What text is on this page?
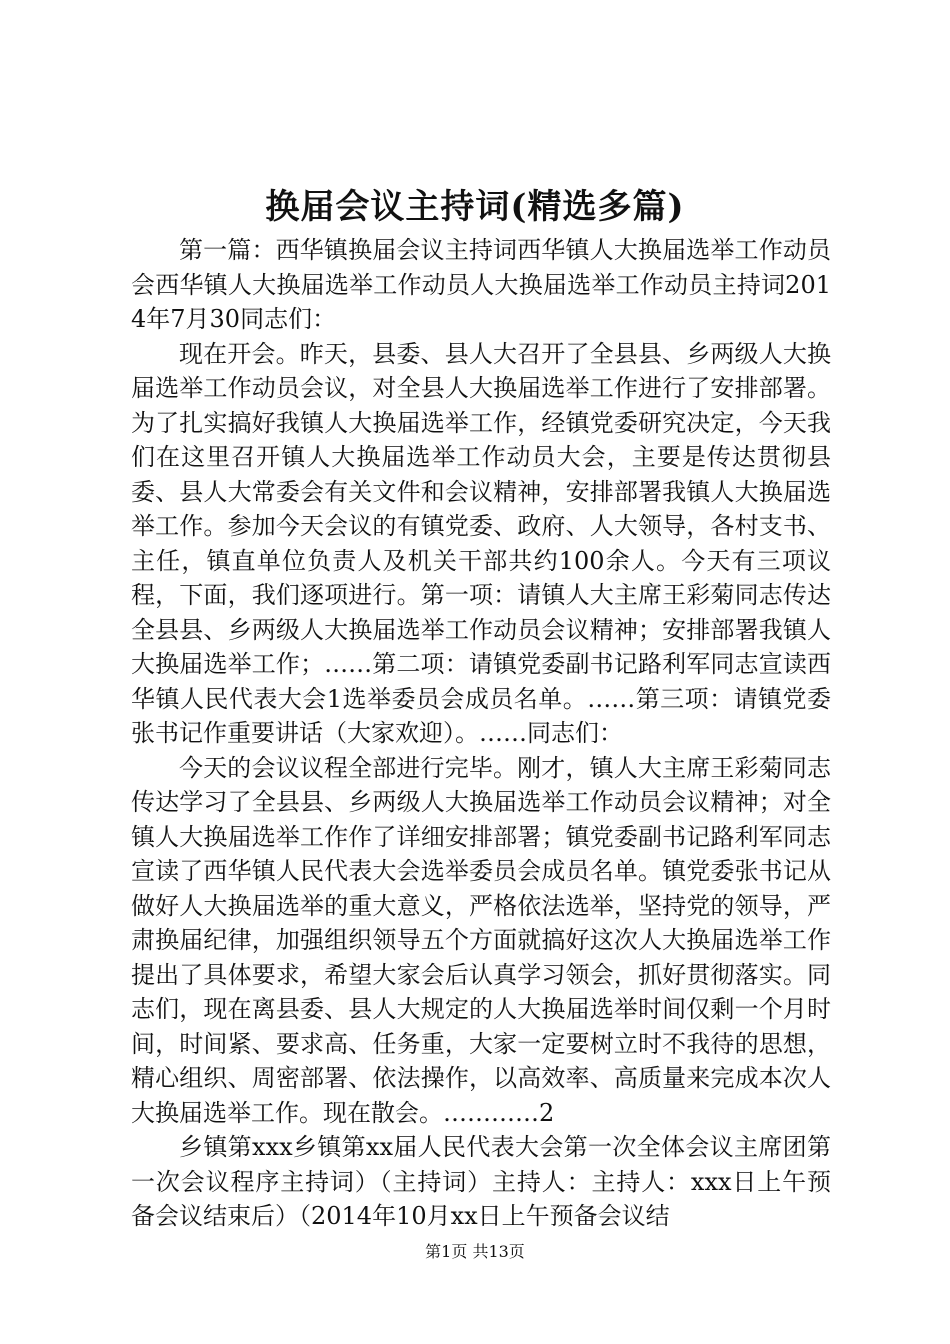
换届会议主持词(精选多篇)

第一篇：西华镇换届会议主持词西华镇人大换届选举工作动员会西华镇人大换届选举工作动员人大换届选举工作动员主持词2014年7月30同志们：

现在开会。昨天，县委、县人大召开了全县县、乡两级人大换届选举工作动员会议，对全县人大换届选举工作进行了安排部署。为了扎实搞好我镇人大换届选举工作，经镇党委研究决定，今天我们在这里召开镇人大换届选举工作动员大会，主要是传达贯彻县委、县人大常委会有关文件和会议精神，安排部署我镇人大换届选举工作。参加今天会议的有镇党委、政府、人大领导，各村支书、主任，镇直单位负责人及机关干部共约100余人。今天有三项议程，下面，我们逐项进行。第一项：请镇人大主席王彩菊同志传达全县县、乡两级人大换届选举工作动员会议精神；安排部署我镇人大换届选举工作；……第二项：请镇党委副书记路利军同志宣读西华镇人民代表大会1选举委员会成员名单。……第三项：请镇党委张书记作重要讲话（大家欢迎）。……同志们：

今天的会议议程全部进行完毕。刚才，镇人大主席王彩菊同志传达学习了全县县、乡两级人大换届选举工作动员会议精神；对全镇人大换届选举工作作了详细安排部署；镇党委副书记路利军同志宣读了西华镇人民代表大会选举委员会成员名单。镇党委张书记从做好人大换届选举的重大意义，严格依法选举，坚持党的领导，严肃换届纪律，加强组织领导五个方面就搞好这次人大换届选举工作提出了具体要求，希望大家会后认真学习领会，抓好贯彻落实。同志们，现在离县委、县人大规定的人大换届选举时间仅剩一个月时间，时间紧、要求高、任务重，大家一定要树立时不我待的思想，精心组织、周密部署、依法操作，以高效率、高质量来完成本次人大换届选举工作。现在散会。…………2

乡镇第xxx乡镇第xx届人民代表大会第一次全体会议主席团第一次会议程序主持词）（主持词）主持人：主持人：xxx日上午预备会议结束后）（2014年10月xx日上午预备会议结

第1页 共13页
